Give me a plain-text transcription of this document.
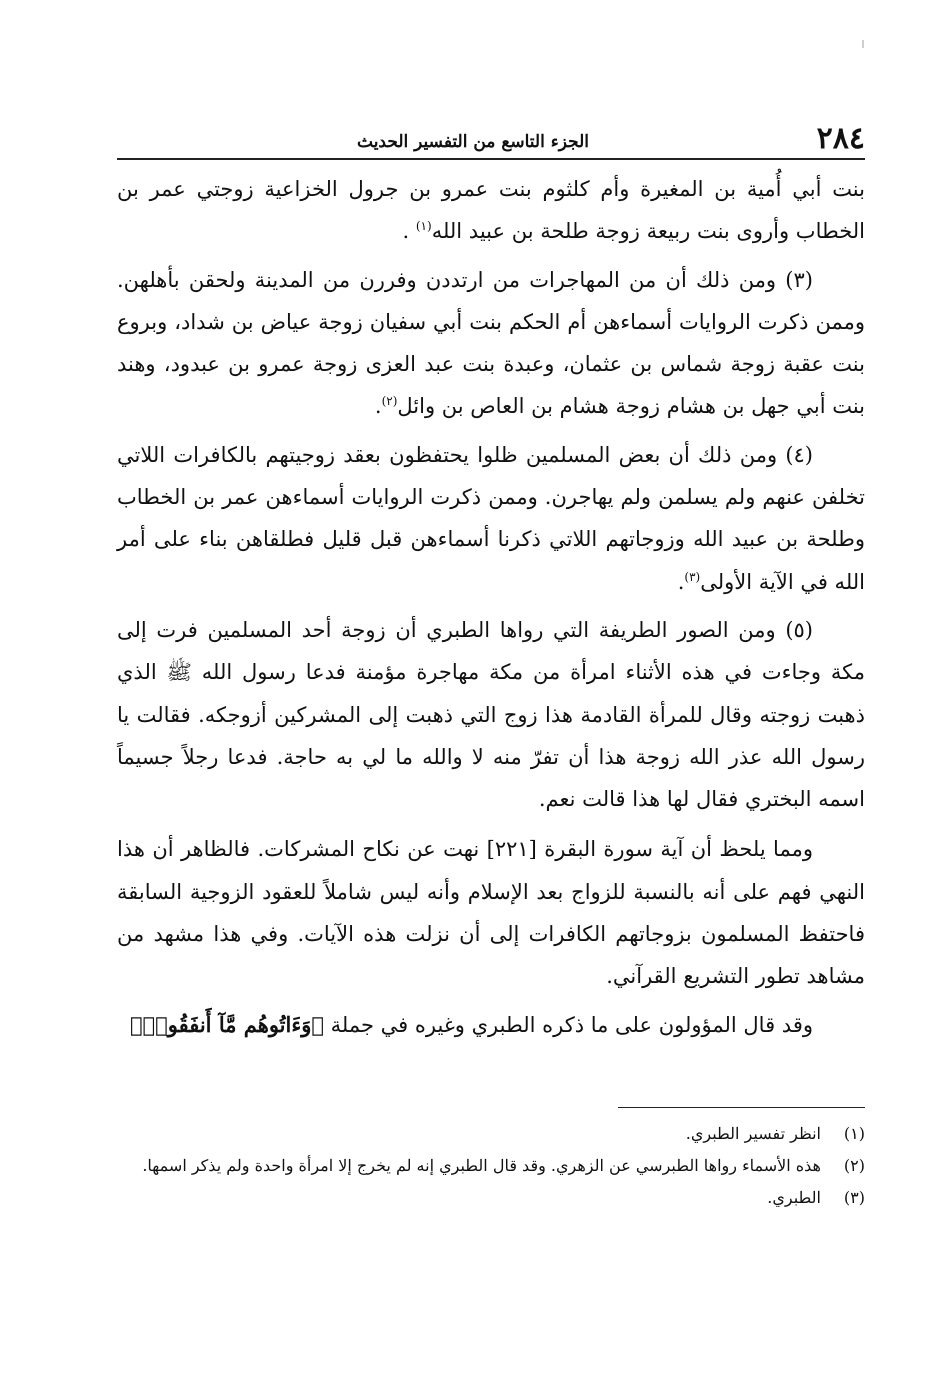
٢٨٤
الجزء التاسع من التفسير الحديث

بنت أبي أُمية بن المغيرة وأم كلثوم بنت عمرو بن جرول الخزاعية زوجتي عمر بن الخطاب وأروى بنت ربيعة زوجة طلحة بن عبيد الله$^{(١)}$ .

(٣) ومن ذلك أن من المهاجرات من ارتددن وفررن من المدينة ولحقن بأهلهن. وممن ذكرت الروايات أسماءهن أم الحكم بنت أبي سفيان زوجة عياض بن شداد، وبروع بنت عقبة زوجة شماس بن عثمان، وعبدة بنت عبد العزى زوجة عمرو بن عبدود، وهند بنت أبي جهل بن هشام زوجة هشام بن العاص بن وائل$^{(٢)}$.

(٤) ومن ذلك أن بعض المسلمين ظلوا يحتفظون بعقد زوجيتهم بالكافرات اللاتي تخلفن عنهم ولم يسلمن ولم يهاجرن. وممن ذكرت الروايات أسماءهن عمر بن الخطاب وطلحة بن عبيد الله وزوجاتهم اللاتي ذكرنا أسماءهن قبل قليل فطلقاهن بناء على أمر الله في الآية الأولى$^{(٣)}$.

(٥) ومن الصور الطريفة التي رواها الطبري أن زوجة أحد المسلمين فرت إلى مكة وجاءت في هذه الأثناء امرأة من مكة مهاجرة مؤمنة فدعا رسول الله ﷺ الذي ذهبت زوجته وقال للمرأة القادمة هذا زوج التي ذهبت إلى المشركين أزوجكه. فقالت يا رسول الله عذر الله زوجة هذا أن تفرّ منه لا والله ما لي به حاجة. فدعا رجلاً جسيماً اسمه البختري فقال لها هذا قالت نعم.

ومما يلحظ أن آية سورة البقرة [٢٢١] نهت عن نكاح المشركات. فالظاهر أن هذا النهي فهم على أنه بالنسبة للزواج بعد الإسلام وأنه ليس شاملاً للعقود الزوجية السابقة فاحتفظ المسلمون بزوجاتهم الكافرات إلى أن نزلت هذه الآيات. وفي هذا مشهد من مشاهد تطور التشريع القرآني.

وقد قال المؤولون على ما ذكره الطبري وغيره في جملة ﴿وَءَاتُوهُم مَّآ أَنفَقُوا۟﴾

(١)
انظر تفسير الطبري.
(٢)
هذه الأسماء رواها الطبرسي عن الزهري. وقد قال الطبري إنه لم يخرج إلا امرأة واحدة ولم يذكر اسمها.
(٣)
الطبري.
